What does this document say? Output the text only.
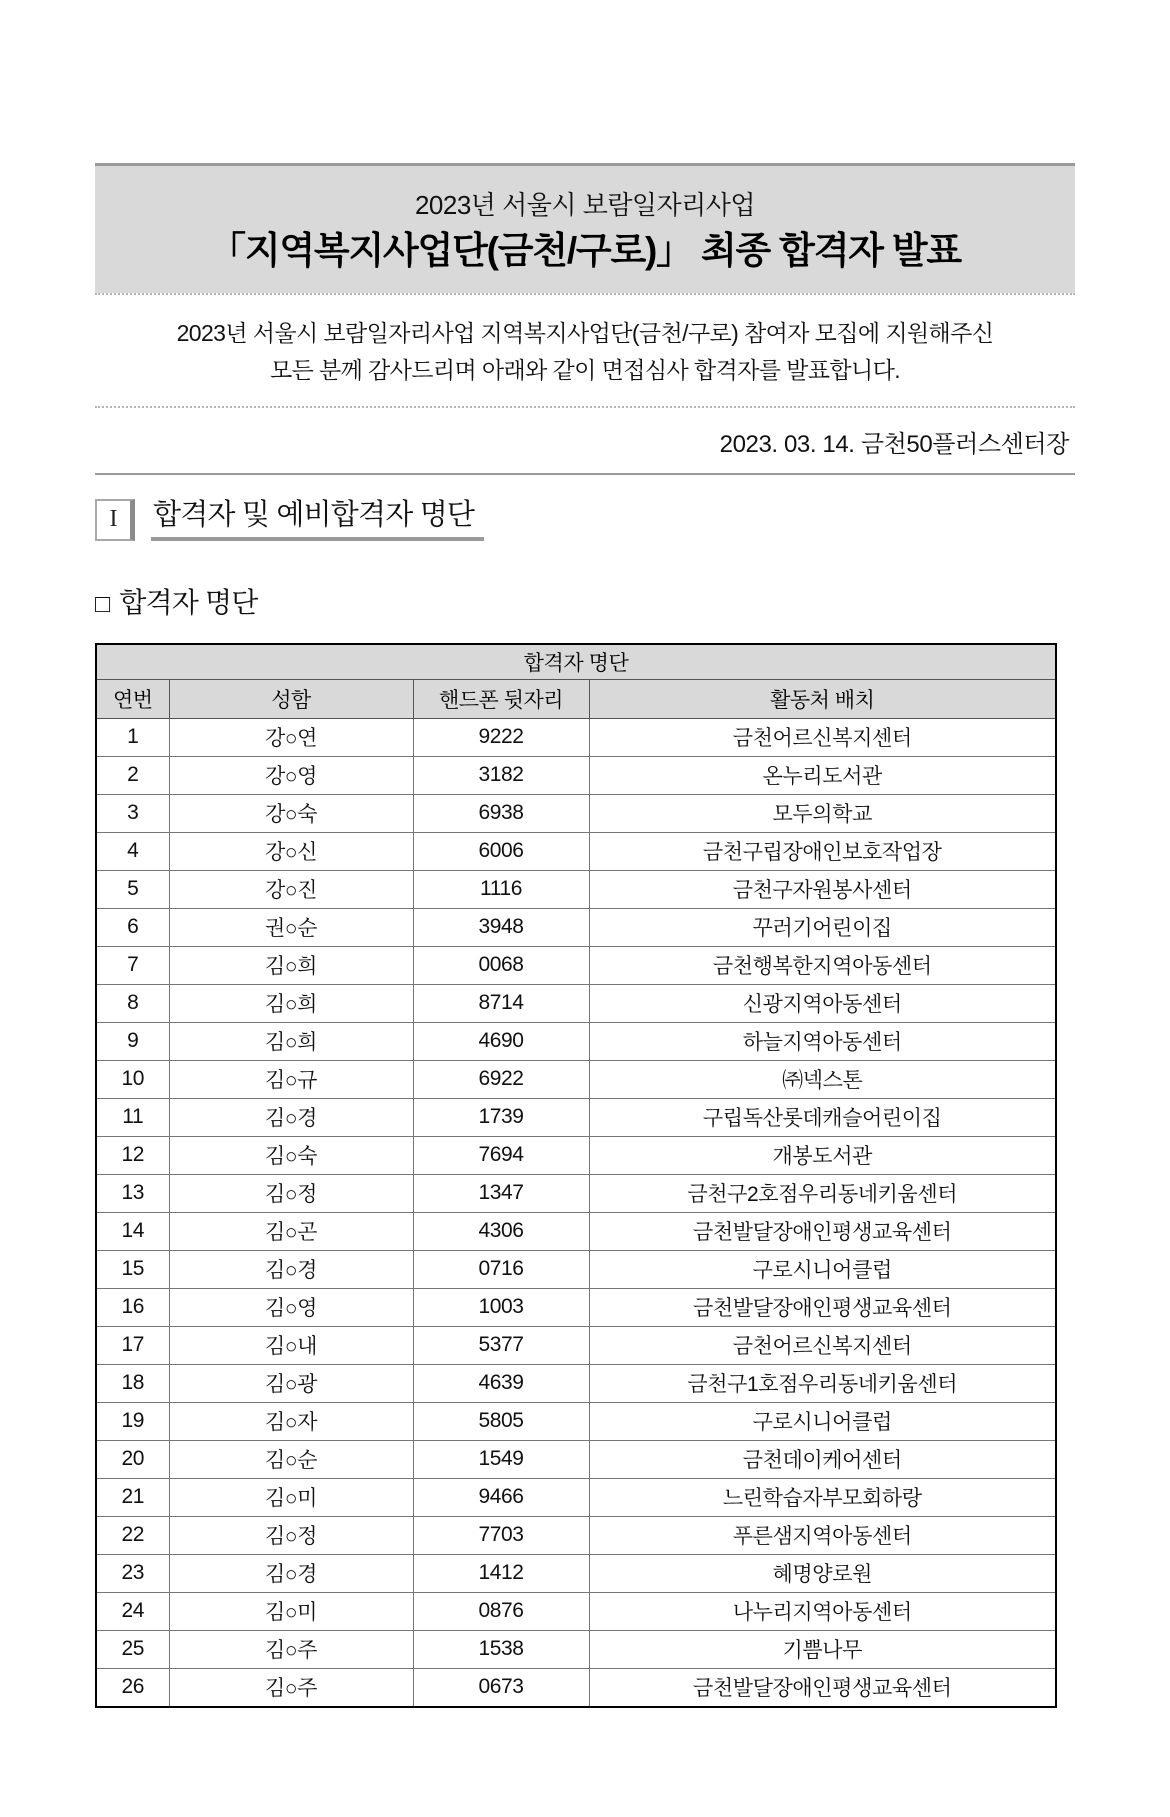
2023년 서울시 보람일자리사업
「지역복지사업단(금천/구로)」 최종 합격자 발표
2023년 서울시 보람일자리사업 지역복지사업단(금천/구로) 참여자 모집에 지원해주신
모든 분께 감사드리며 아래와 같이 면접심사 합격자를 발표합니다.
2023. 03. 14. 금천50플러스센터장
I	합격자 및 예비합격자 명단
□ 합격자 명단
합격자 명단			
연번	성함	핸드폰 뒷자리	활동처 배치
1	강○연	9222	금천어르신복지센터
2	강○영	3182	온누리도서관
3	강○숙	6938	모두의학교
4	강○신	6006	금천구립장애인보호작업장
5	강○진	1116	금천구자원봉사센터
6	권○순	3948	꾸러기어린이집
7	김○희	0068	금천행복한지역아동센터
8	김○희	8714	신광지역아동센터
9	김○희	4690	하늘지역아동센터
10	김○규	6922	㈜넥스톤
11	김○경	1739	구립독산롯데캐슬어린이집
12	김○숙	7694	개봉도서관
13	김○정	1347	금천구2호점우리동네키움센터
14	김○곤	4306	금천발달장애인평생교육센터
15	김○경	0716	구로시니어클럽
16	김○영	1003	금천발달장애인평생교육센터
17	김○내	5377	금천어르신복지센터
18	김○광	4639	금천구1호점우리동네키움센터
19	김○자	5805	구로시니어클럽
20	김○순	1549	금천데이케어센터
21	김○미	9466	느린학습자부모회하랑
22	김○정	7703	푸른샘지역아동센터
23	김○경	1412	혜명양로원
24	김○미	0876	나누리지역아동센터
25	김○주	1538	기쁨나무
26	김○주	0673	금천발달장애인평생교육센터
